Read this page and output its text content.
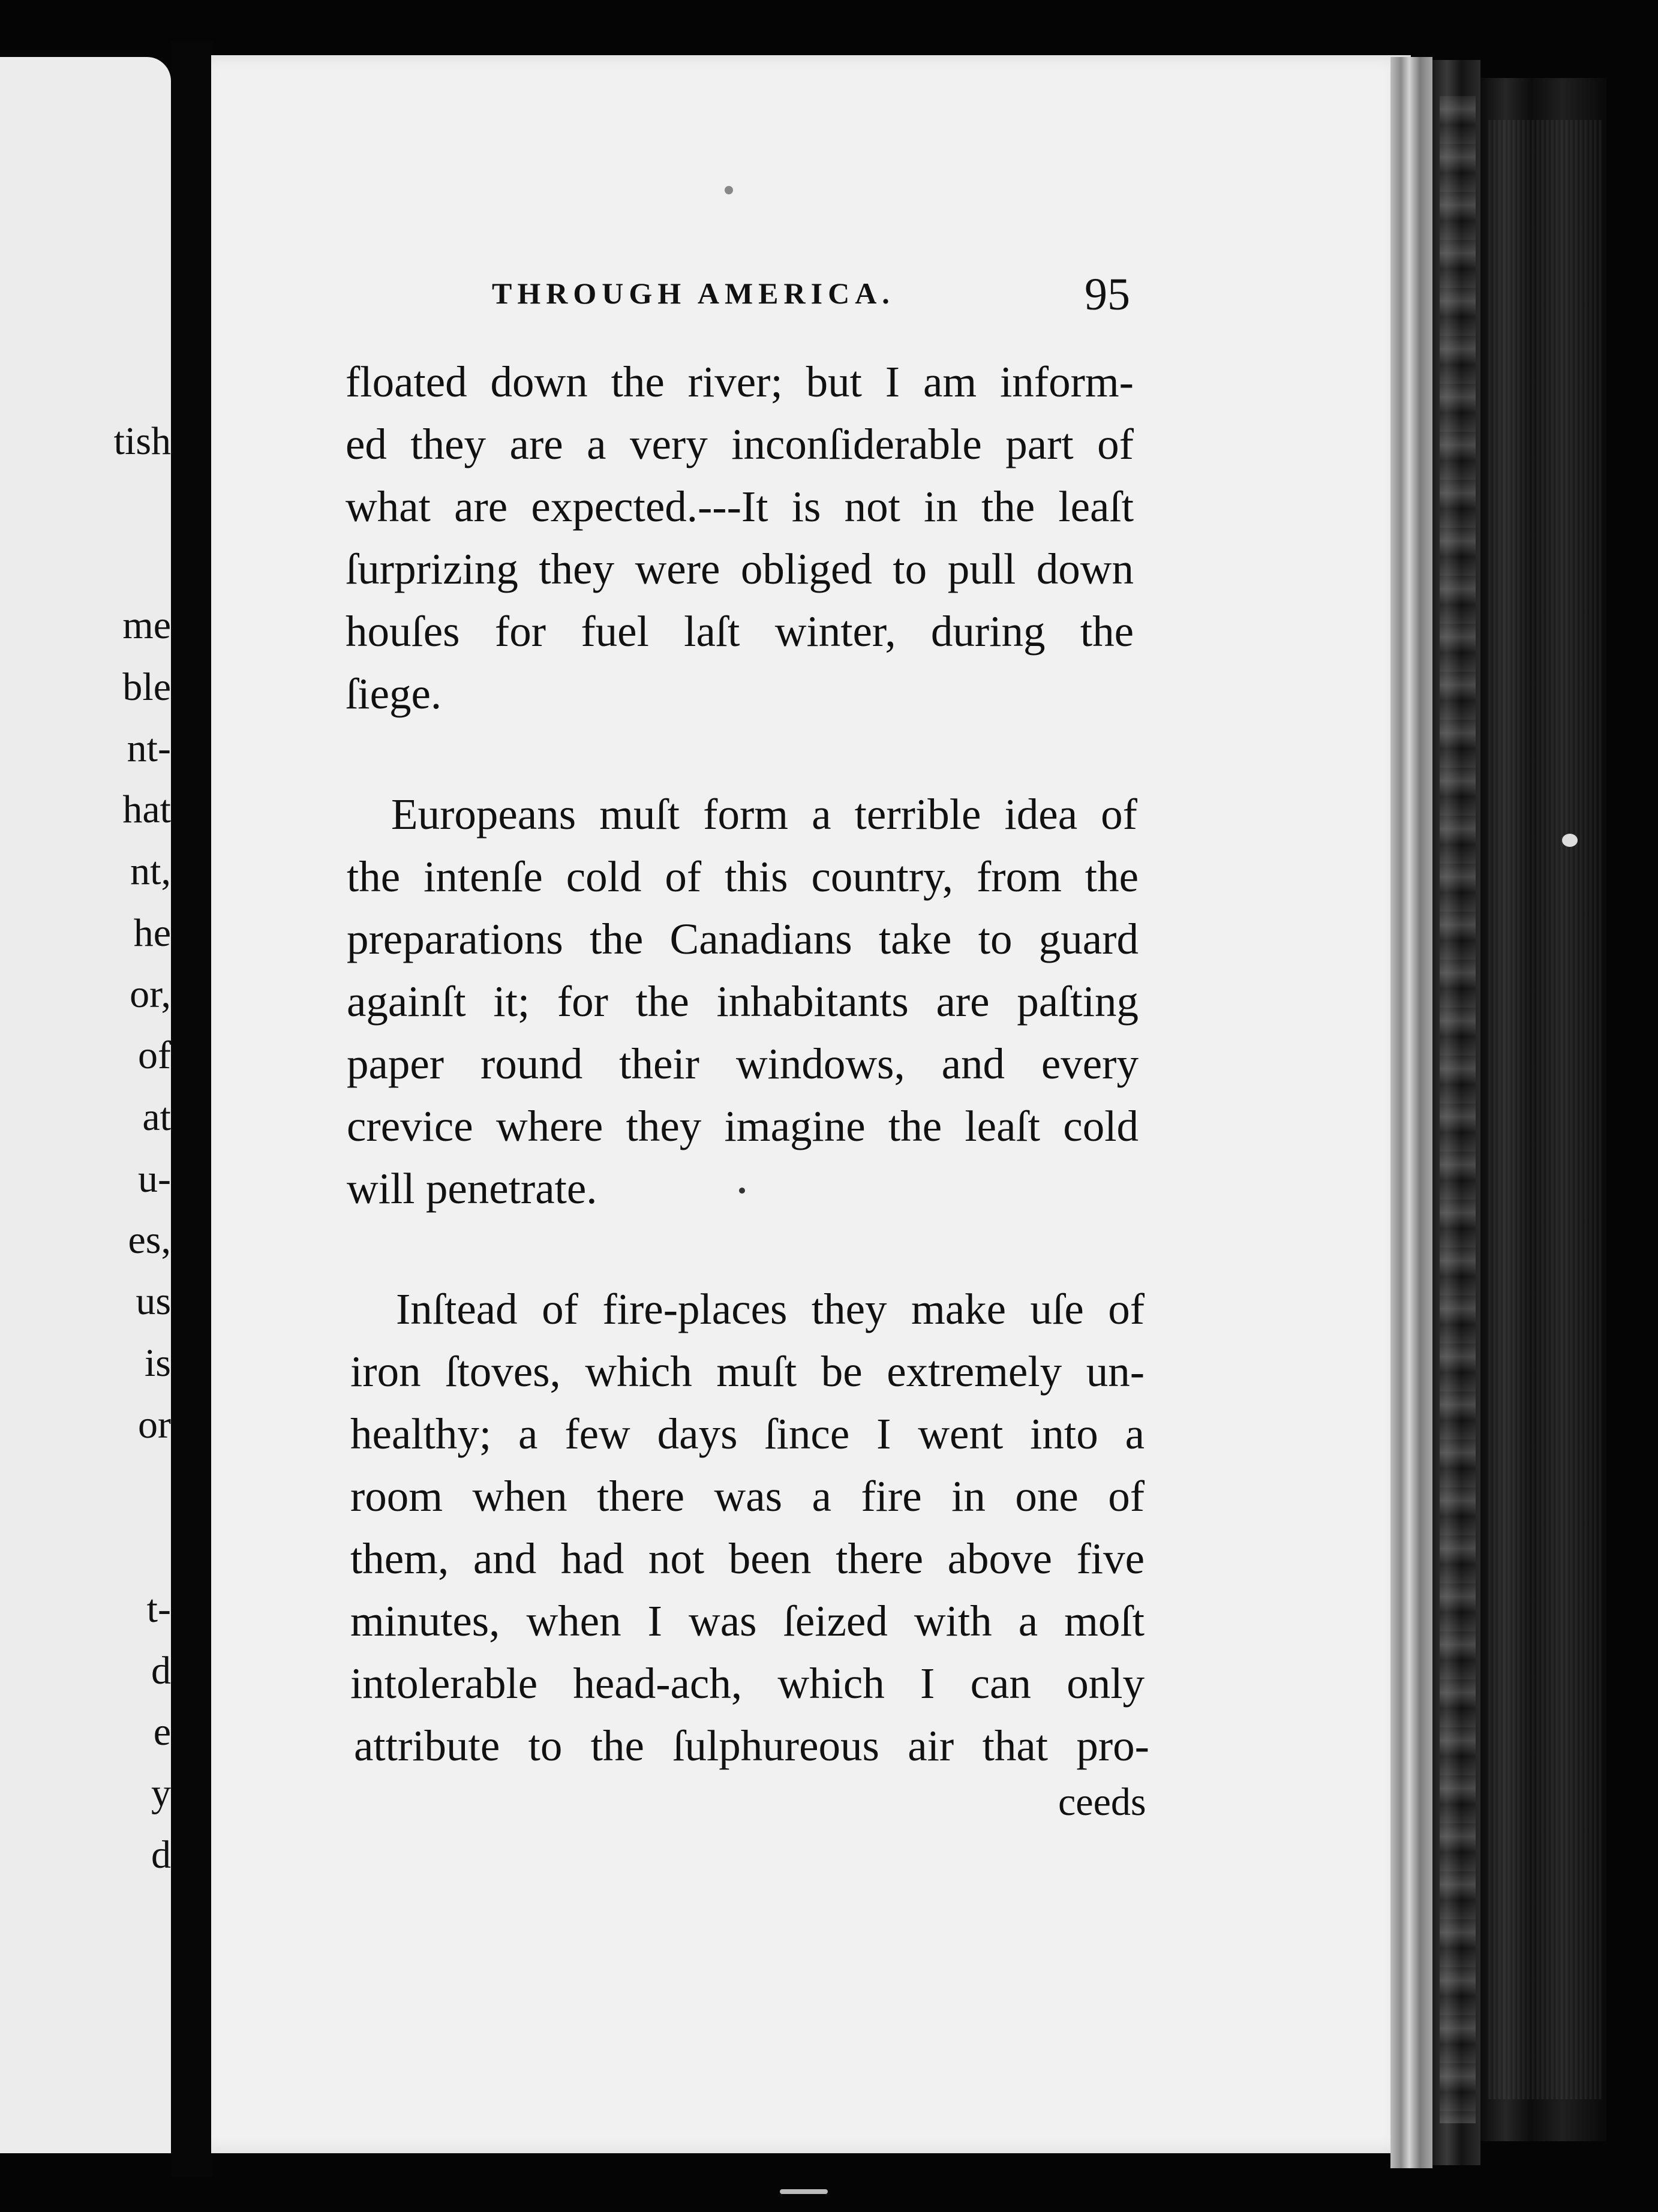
tish
me
ble
nt-
hat
nt,
he
or,
of
at
u-
es,
us
is
or
t-
d
e
y
d
THROUGH AMERICA.	95
floated down the river; but I am inform-
ed they are a very inconſiderable part of
what are expected.---It is not in the leaſt
ſurprizing they were obliged to pull down
houſes for fuel laſt winter, during the
ſiege.
Europeans muſt form a terrible idea of
the intenſe cold of this country, from the
preparations the Canadians take to guard
againſt it; for the inhabitants are paſting
paper round their windows, and every
crevice where they imagine the leaſt cold
will penetrate.
Inſtead of fire-places they make uſe of
iron ſtoves, which muſt be extremely un-
healthy; a few days ſince I went into a
room when there was a fire in one of
them, and had not been there above five
minutes, when I was ſeized with a moſt
intolerable head-ach, which I can only
attribute to the ſulphureous air that pro-
ceeds
